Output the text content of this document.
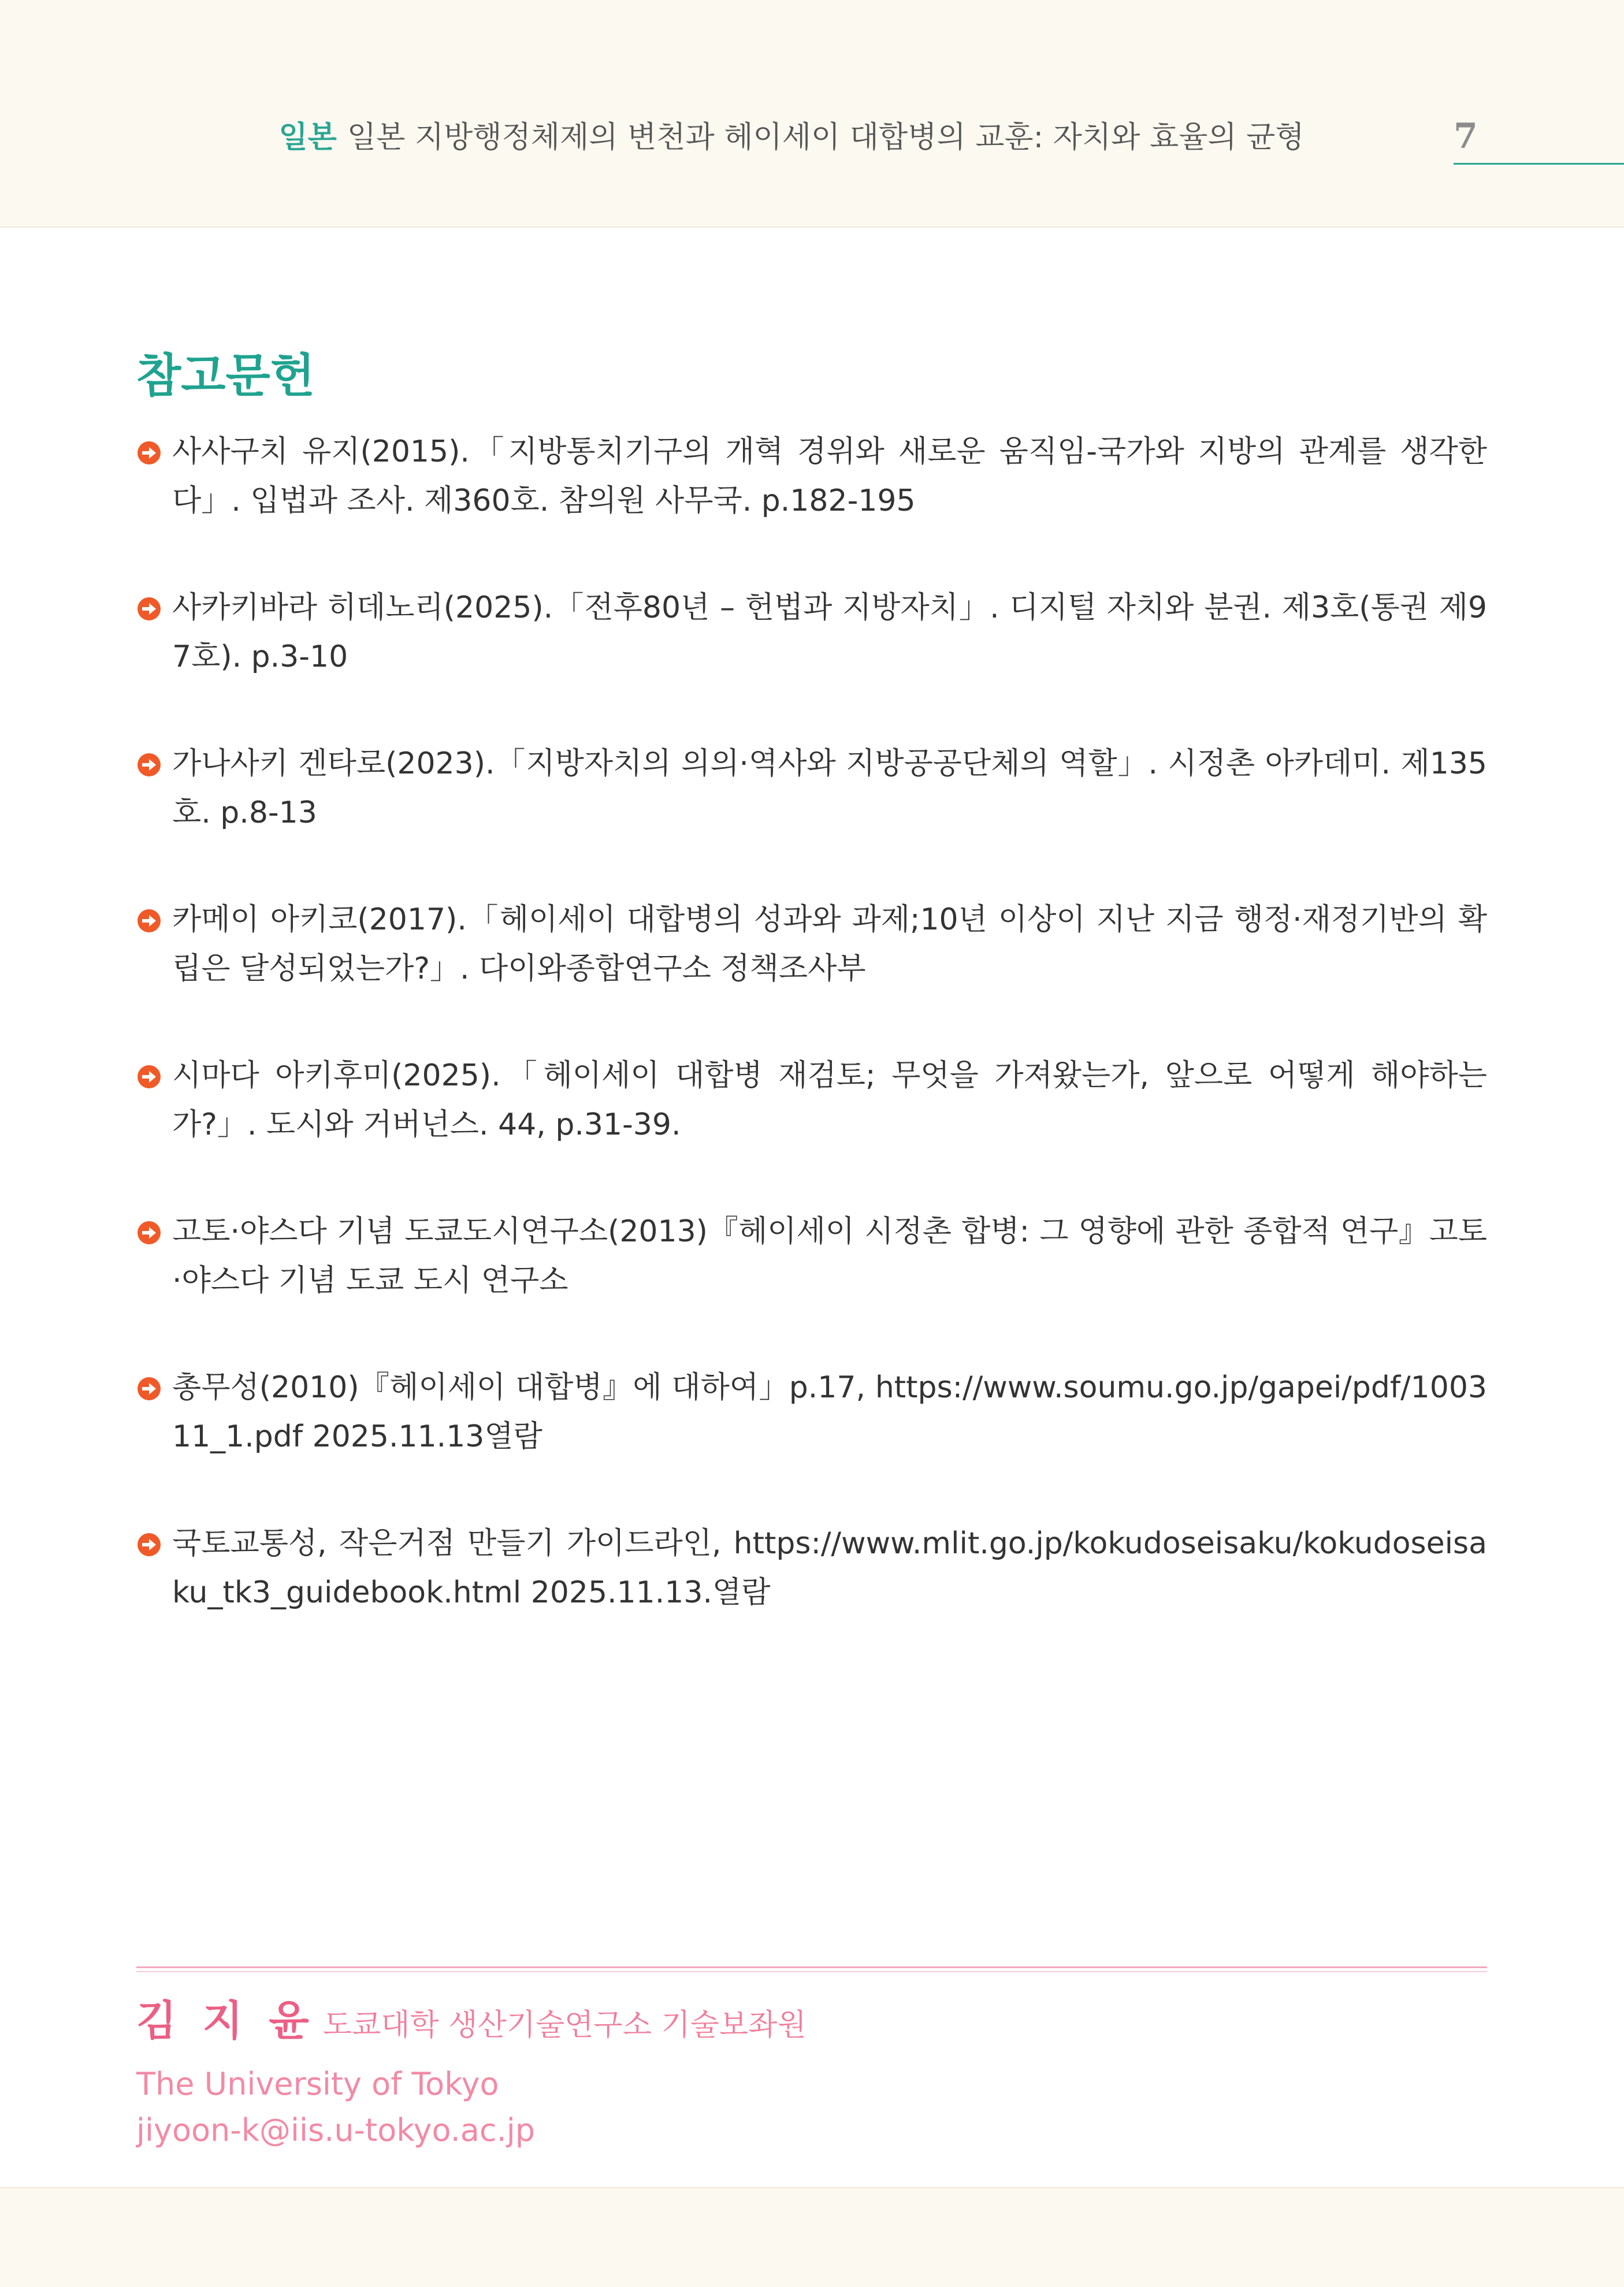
일본 일본 지방행정체제의 변천과 헤이세이 대합병의 교훈: 자치와 효율의 균형	7
참고문헌
사사구치 유지(2015).「지방통치기구의 개혁 경위와 새로운 움직임-국가와 지방의 관계를 생각한다」. 입법과 조사. 제360호. 참의원 사무국. p.182-195
사카키바라 히데노리(2025).「전후80년 – 헌법과 지방자치」. 디지털 자치와 분권. 제3호(통권 제97호). p.3-10
가나사키 겐타로(2023).「지방자치의 의의·역사와 지방공공단체의 역할」. 시정촌 아카데미. 제135호. p.8-13
카메이 아키코(2017).「헤이세이 대합병의 성과와 과제;10년 이상이 지난 지금 행정·재정기반의 확립은 달성되었는가?」. 다이와종합연구소 정책조사부
시마다 아키후미(2025).「헤이세이 대합병 재검토; 무엇을 가져왔는가, 앞으로 어떻게 해야하는가?」. 도시와 거버넌스. 44, p.31-39.
고토·야스다 기념 도쿄도시연구소(2013)『헤이세이 시정촌 합병: 그 영향에 관한 종합적 연구』고토·야스다 기념 도쿄 도시 연구소
총무성(2010)『헤이세이 대합병』에 대하여」p.17, https://www.soumu.go.jp/gapei/pdf/100311_1.pdf 2025.11.13열람
국토교통성, 작은거점 만들기 가이드라인, https://www.mlit.go.jp/kokudoseisaku/kokudoseisaku_tk3_guidebook.html 2025.11.13.열람
김 지 윤 도쿄대학 생산기술연구소 기술보좌원
The University of Tokyo
jiyoon-k@iis.u-tokyo.ac.jp
